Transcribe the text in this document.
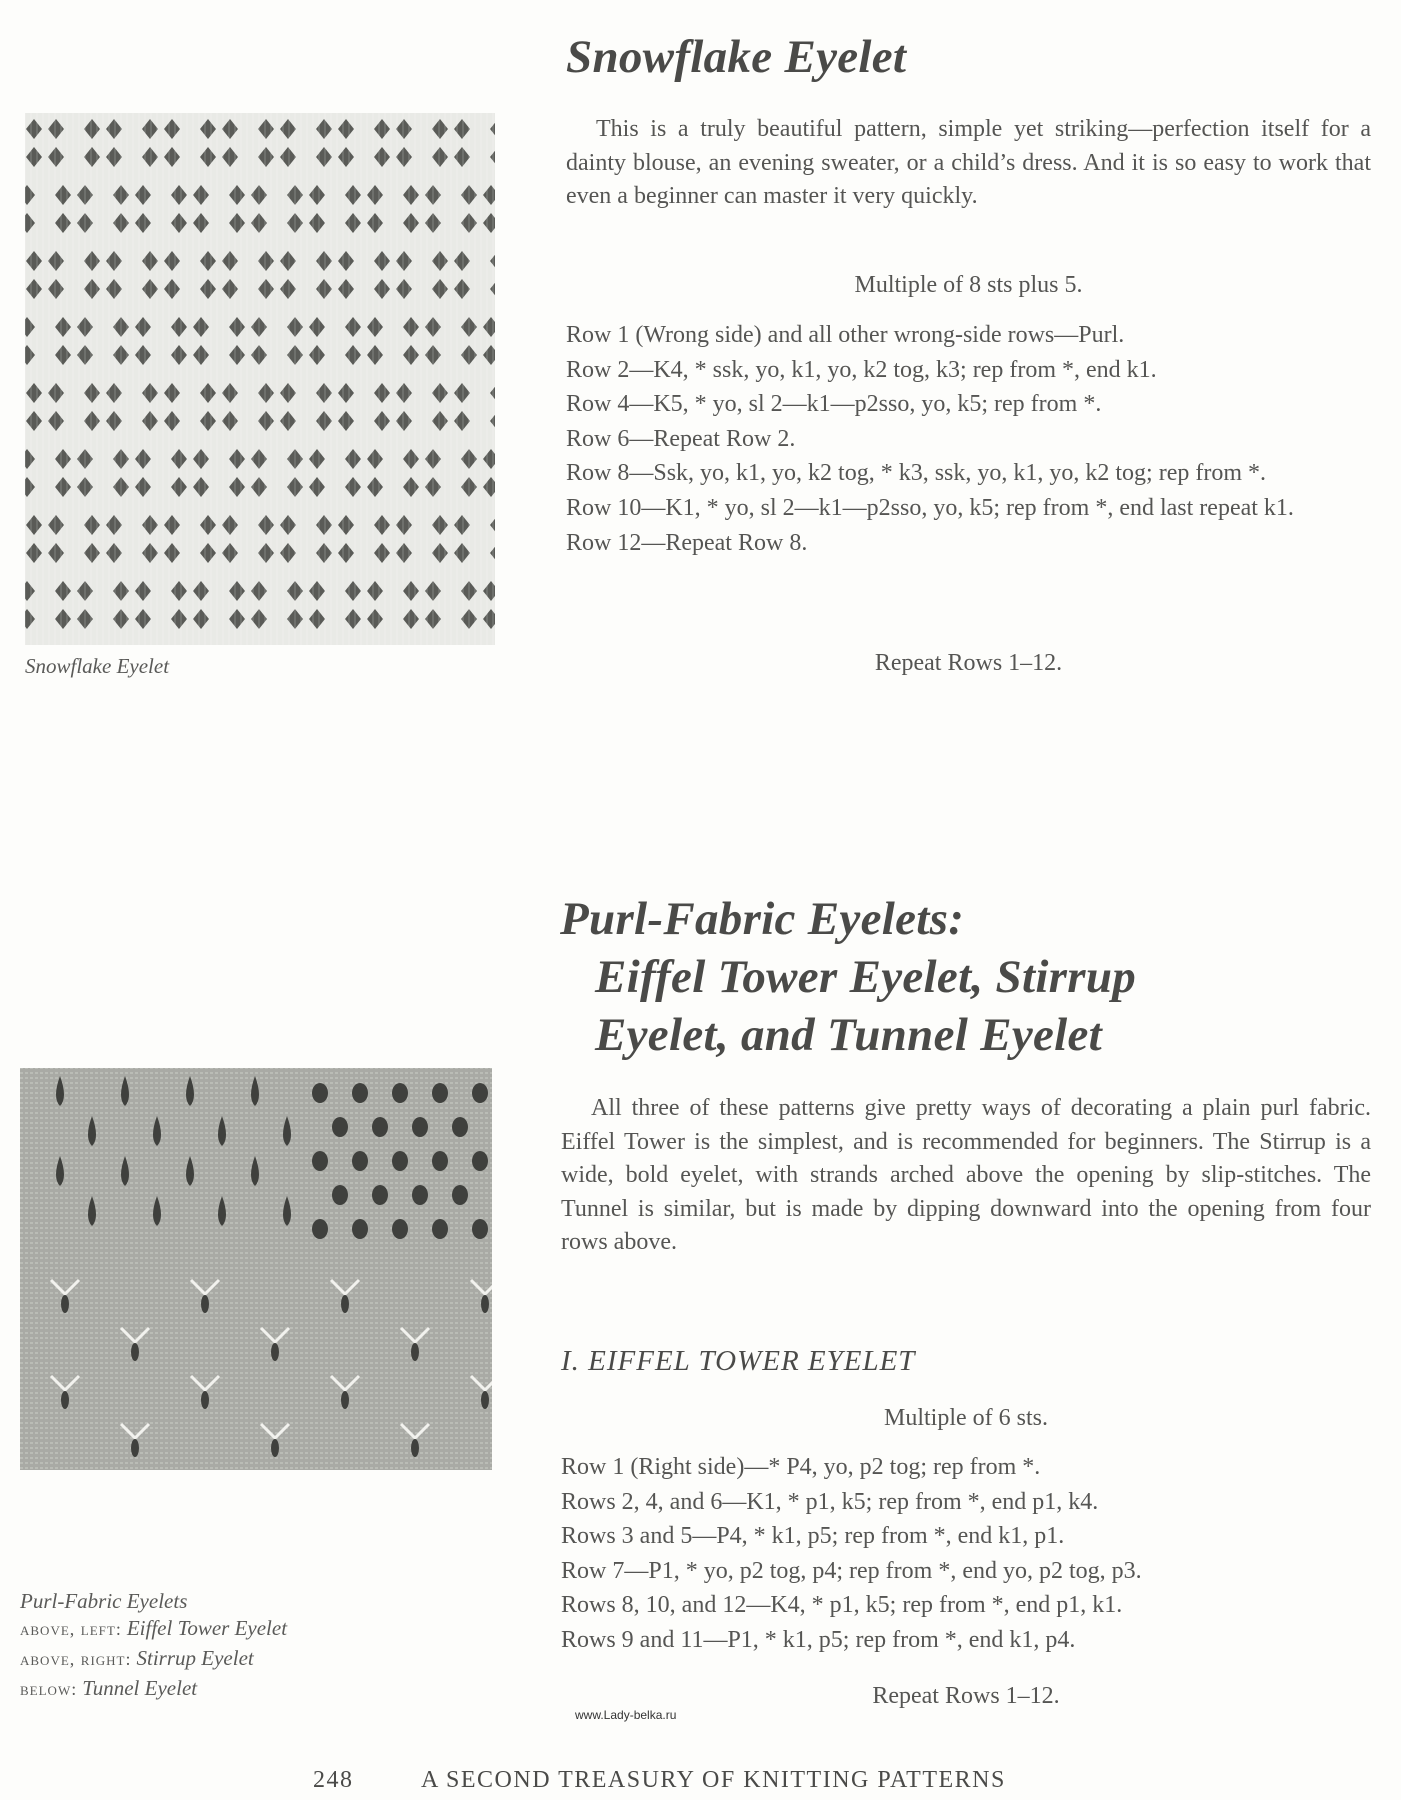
Snowflake Eyelet

This is a truly beautiful pattern, simple yet striking—perfection itself for a dainty blouse, an evening sweater, or a child’s dress. And it is so easy to work that even a beginner can master it very quickly.

Multiple of 8 sts plus 5.
Row 1 (Wrong side) and all other wrong-side rows—Purl.
Row 2—K4, * ssk, yo, k1, yo, k2 tog, k3; rep from *, end k1.
Row 4—K5, * yo, sl 2—k1—p2sso, yo, k5; rep from *.
Row 6—Repeat Row 2.
Row 8—Ssk, yo, k1, yo, k2 tog, * k3, ssk, yo, k1, yo, k2 tog; rep from *.
Row 10—K1, * yo, sl 2—k1—p2sso, yo, k5; rep from *, end last repeat k1.
Row 12—Repeat Row 8.
Repeat Rows 1–12.
Snowflake Eyelet
Purl-Fabric Eyelets:
Eiffel Tower Eyelet, Stirrup
Eyelet, and Tunnel Eyelet

All three of these patterns give pretty ways of decorating a plain purl fabric. Eiffel Tower is the simplest, and is recommended for beginners. The Stirrup is a wide, bold eyelet, with strands arched above the opening by slip-stitches. The Tunnel is similar, but is made by dipping downward into the opening from four rows above.

I. EIFFEL TOWER EYELET
Multiple of 6 sts.
Row 1 (Right side)—* P4, yo, p2 tog; rep from *.
Rows 2, 4, and 6—K1, * p1, k5; rep from *, end p1, k4.
Rows 3 and 5—P4, * k1, p5; rep from *, end k1, p1.
Row 7—P1, * yo, p2 tog, p4; rep from *, end yo, p2 tog, p3.
Rows 8, 10, and 12—K4, * p1, k5; rep from *, end p1, k1.
Rows 9 and 11—P1, * k1, p5; rep from *, end k1, p4.
Repeat Rows 1–12.
Purl-Fabric Eyelets
above, left: Eiffel Tower Eyelet
above, right: Stirrup Eyelet
below: Tunnel Eyelet
www.Lady-belka.ru
248	A SECOND TREASURY OF KNITTING PATTERNS
